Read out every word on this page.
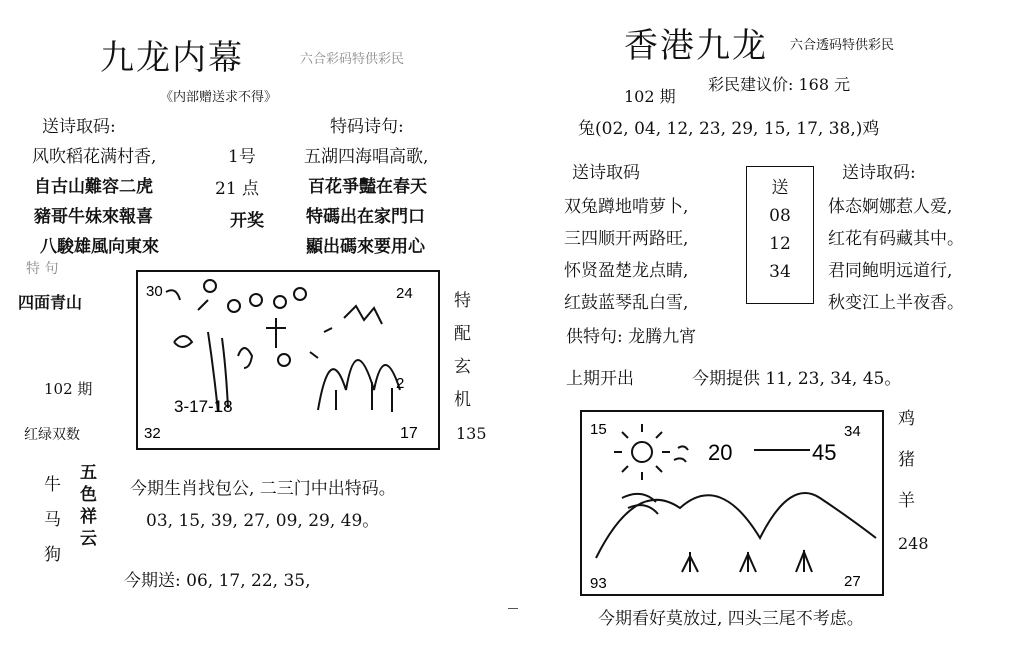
九龙内幕	六合彩码特供彩民
《内部赠送求不得》
送诗取码:	特码诗句:
风吹稻花满村香,
自古山難容二虎
豬哥牛妹來報喜
八駿雄風向東來
1号
21 点
开奖
五湖四海唱高歌,
百花爭豔在春天
特碼出在家門口
顯出碼來要用心
特 句
四面青山
102 期
红绿双数
30	24
3-17-18
2
32	17
特
配
玄
机
135
牛
马
狗
五
色
祥
云
今期生肖找包公, 二三门中出特码。
03, 15, 39, 27, 09, 29, 49。
今期送: 06, 17, 22, 35,
香港九龙 六合透码特供彩民
102 期
彩民建议价: 168 元
兔(02, 04, 12, 23, 29, 15, 17, 38,)鸡
送诗取码	送诗取码:
双兔蹲地啃萝卜,
三四顺开两路旺,
怀贤盈楚龙点睛,
红鼓蓝琴乱白雪,
送
08
12
34
体态婀娜惹人爱,
红花有码藏其中。
君同鲍明远道行,
秋变江上半夜香。
供特句: 龙腾九宵
上期开出	今期提供 11, 23, 34, 45。
15	34
20	45
93	27
鸡
猪
羊
248
今期看好莫放过, 四头三尾不考虑。
